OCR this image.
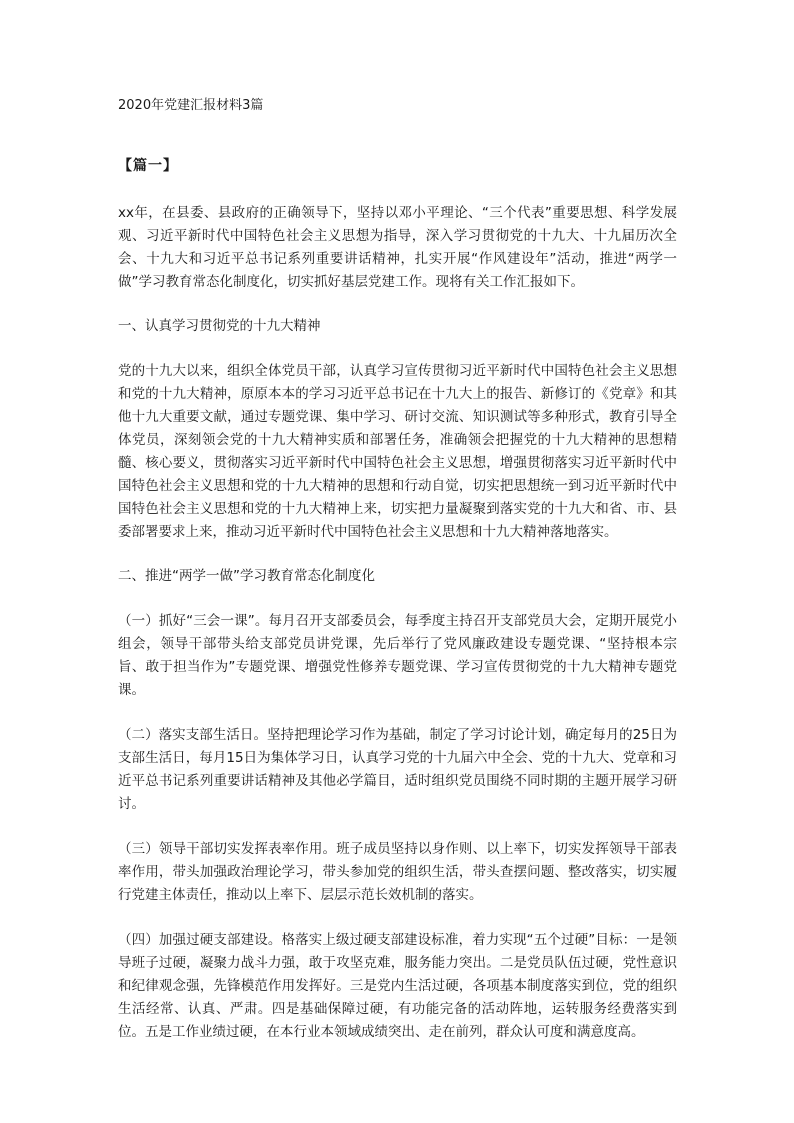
2020年党建汇报材料3篇

【篇一】

xx年，在县委、县政府的正确领导下，坚持以邓小平理论、“三个代表”重要思想、科学发展观、习近平新时代中国特色社会主义思想为指导，深入学习贯彻党的十九大、十九届历次全会、十九大和习近平总书记系列重要讲话精神，扎实开展“作风建设年”活动，推进“两学一做”学习教育常态化制度化，切实抓好基层党建工作。现将有关工作汇报如下。

一、认真学习贯彻党的十九大精神

党的十九大以来，组织全体党员干部，认真学习宣传贯彻习近平新时代中国特色社会主义思想和党的十九大精神，原原本本的学习习近平总书记在十九大上的报告、新修订的《党章》和其他十九大重要文献，通过专题党课、集中学习、研讨交流、知识测试等多种形式，教育引导全体党员，深刻领会党的十九大精神实质和部署任务，准确领会把握党的十九大精神的思想精髓、核心要义，贯彻落实习近平新时代中国特色社会主义思想，增强贯彻落实习近平新时代中国特色社会主义思想和党的十九大精神的思想和行动自觉，切实把思想统一到习近平新时代中国特色社会主义思想和党的十九大精神上来，切实把力量凝聚到落实党的十九大和省、市、县委部署要求上来，推动习近平新时代中国特色社会主义思想和十九大精神落地落实。

二、推进“两学一做”学习教育常态化制度化

（一）抓好“三会一课”。每月召开支部委员会，每季度主持召开支部党员大会，定期开展党小组会，领导干部带头给支部党员讲党课，先后举行了党风廉政建设专题党课、“坚持根本宗旨、敢于担当作为”专题党课、增强党性修养专题党课、学习宣传贯彻党的十九大精神专题党课。

（二）落实支部生活日。坚持把理论学习作为基础，制定了学习讨论计划，确定每月的25日为支部生活日，每月15日为集体学习日，认真学习党的十九届六中全会、党的十九大、党章和习近平总书记系列重要讲话精神及其他必学篇目，适时组织党员围绕不同时期的主题开展学习研讨。

（三）领导干部切实发挥表率作用。班子成员坚持以身作则、以上率下，切实发挥领导干部表率作用，带头加强政治理论学习，带头参加党的组织生活，带头查摆问题、整改落实，切实履行党建主体责任，推动以上率下、层层示范长效机制的落实。

（四）加强过硬支部建设。格落实上级过硬支部建设标准，着力实现“五个过硬”目标：一是领导班子过硬，凝聚力战斗力强，敢于攻坚克难，服务能力突出。二是党员队伍过硬，党性意识和纪律观念强，先锋模范作用发挥好。三是党内生活过硬，各项基本制度落实到位，党的组织生活经常、认真、严肃。四是基础保障过硬，有功能完备的活动阵地，运转服务经费落实到位。五是工作业绩过硬，在本行业本领域成绩突出、走在前列，群众认可度和满意度高。
